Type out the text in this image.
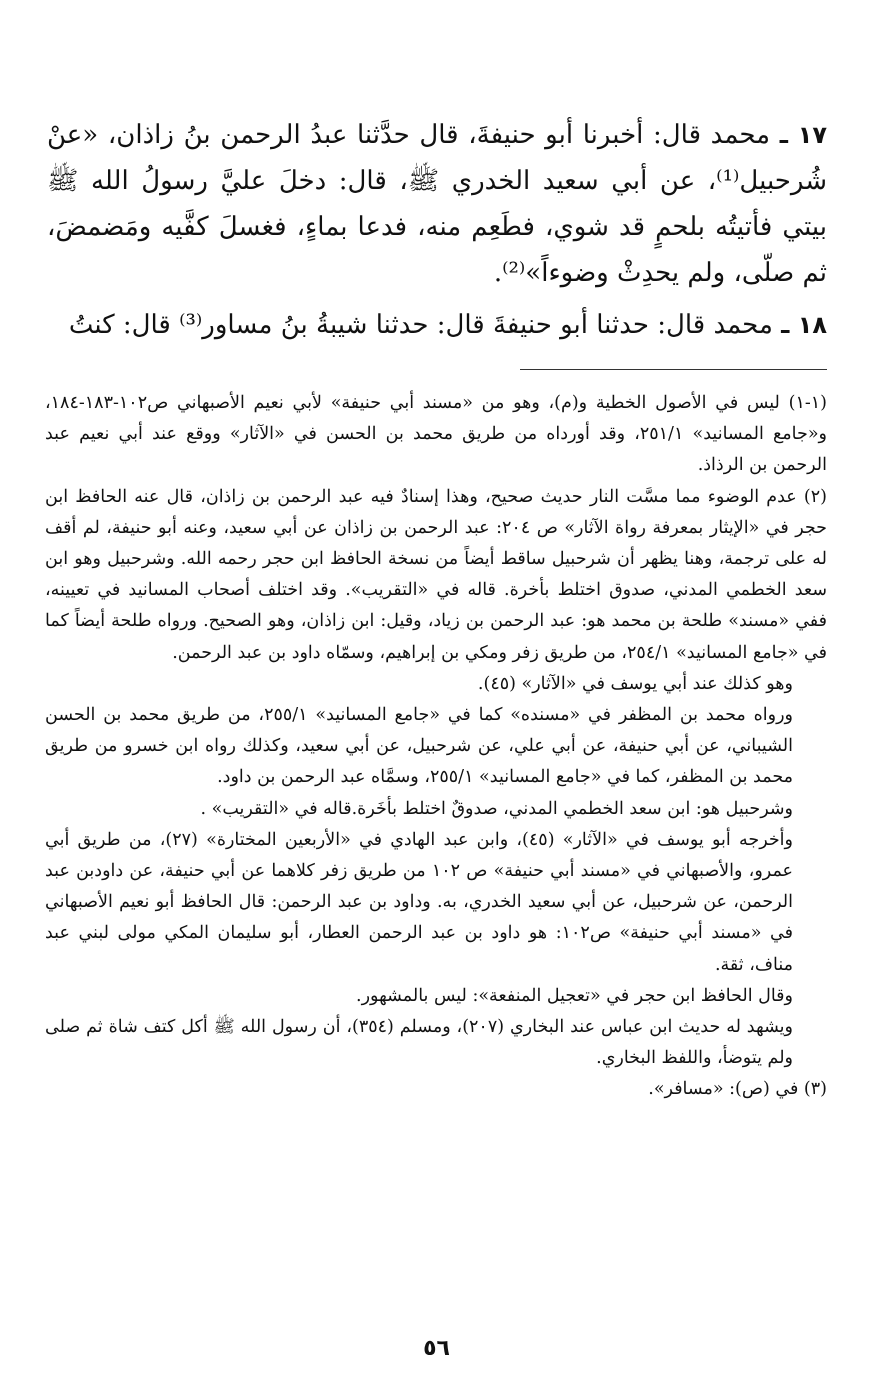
١٧ ـ محمد قال: أخبرنا أبو حنيفةَ، قال حدَّثنا عبدُ الرحمن بنُ زاذان، «عنْ شُرحبيل⁽¹⁾، عن أبي سعيد الخدري ﷺ، قال: دخلَ عليَّ رسولُ الله ﷺ بيتي فأتيتُه بلحمٍ قد شوي، فطَعِم منه، فدعا بماءٍ، فغسلَ كفَّيه ومَضمضَ، ثم صلّى، ولم يحدِثْ وضوءاً»⁽²⁾.

١٨ ـ محمد قال: حدثنا أبو حنيفةَ قال: حدثنا شيبةُ بنُ مساور⁽³⁾ قال: كنتُ

(١-١) ليس في الأصول الخطية و(م)، وهو من «مسند أبي حنيفة» لأبي نعيم الأصبهاني ص١٠٢-١٨٣-١٨٤، و«جامع المسانيد» ٢٥١/١، وقد أورداه من طريق محمد بن الحسن في «الآثار» ووقع عند أبي نعيم عبد الرحمن بن الرذاذ.

(٢) عدم الوضوء مما مسَّت النار حديث صحيح، وهذا إسنادٌ فيه عبد الرحمن بن زاذان، قال عنه الحافظ ابن حجر في «الإيثار بمعرفة رواة الآثار» ص ٢٠٤: عبد الرحمن بن زاذان عن أبي سعيد، وعنه أبو حنيفة، لم أقف له على ترجمة، وهنا يظهر أن شرحبيل ساقط أيضاً من نسخة الحافظ ابن حجر رحمه الله. وشرحبيل وهو ابن سعد الخطمي المدني، صدوق اختلط بأخرة. قاله في «التقريب». وقد اختلف أصحاب المسانيد في تعيينه، ففي «مسند» طلحة بن محمد هو: عبد الرحمن بن زياد، وقيل: ابن زاذان، وهو الصحيح. ورواه طلحة أيضاً كما في «جامع المسانيد» ٢٥٤/١، من طريق زفر ومكي بن إبراهيم، وسمّاه داود بن عبد الرحمن.

وهو كذلك عند أبي يوسف في «الآثار» (٤٥).

ورواه محمد بن المظفر في «مسنده» كما في «جامع المسانيد» ٢٥٥/١، من طريق محمد بن الحسن الشيباني، عن أبي حنيفة، عن أبي علي، عن شرحبيل، عن أبي سعيد، وكذلك رواه ابن خسرو من طريق محمد بن المظفر، كما في «جامع المسانيد» ٢٥٥/١، وسمَّاه عبد الرحمن بن داود.

وشرحبيل هو: ابن سعد الخطمي المدني، صدوقٌ اختلط بأخَرة.قاله في «التقريب» .

وأخرجه أبو يوسف في «الآثار» (٤٥)، وابن عبد الهادي في «الأربعين المختارة» (٢٧)، من طريق أبي عمرو، والأصبهاني في «مسند أبي حنيفة» ص ١٠٢ من طريق زفر كلاهما عن أبي حنيفة، عن داودبن عبد الرحمن، عن شرحبيل، عن أبي سعيد الخدري، به. وداود بن عبد الرحمن: قال الحافظ أبو نعيم الأصبهاني في «مسند أبي حنيفة» ص١٠٢: هو داود بن عبد الرحمن العطار، أبو سليمان المكي مولى لبني عبد مناف، ثقة.

وقال الحافظ ابن حجر في «تعجيل المنفعة»: ليس بالمشهور.

ويشهد له حديث ابن عباس عند البخاري (٢٠٧)، ومسلم (٣٥٤)، أن رسول الله ﷺ أكل كتف شاة ثم صلى ولم يتوضأ، واللفظ البخاري.

(٣) في (ص): «مسافر».

٥٦
